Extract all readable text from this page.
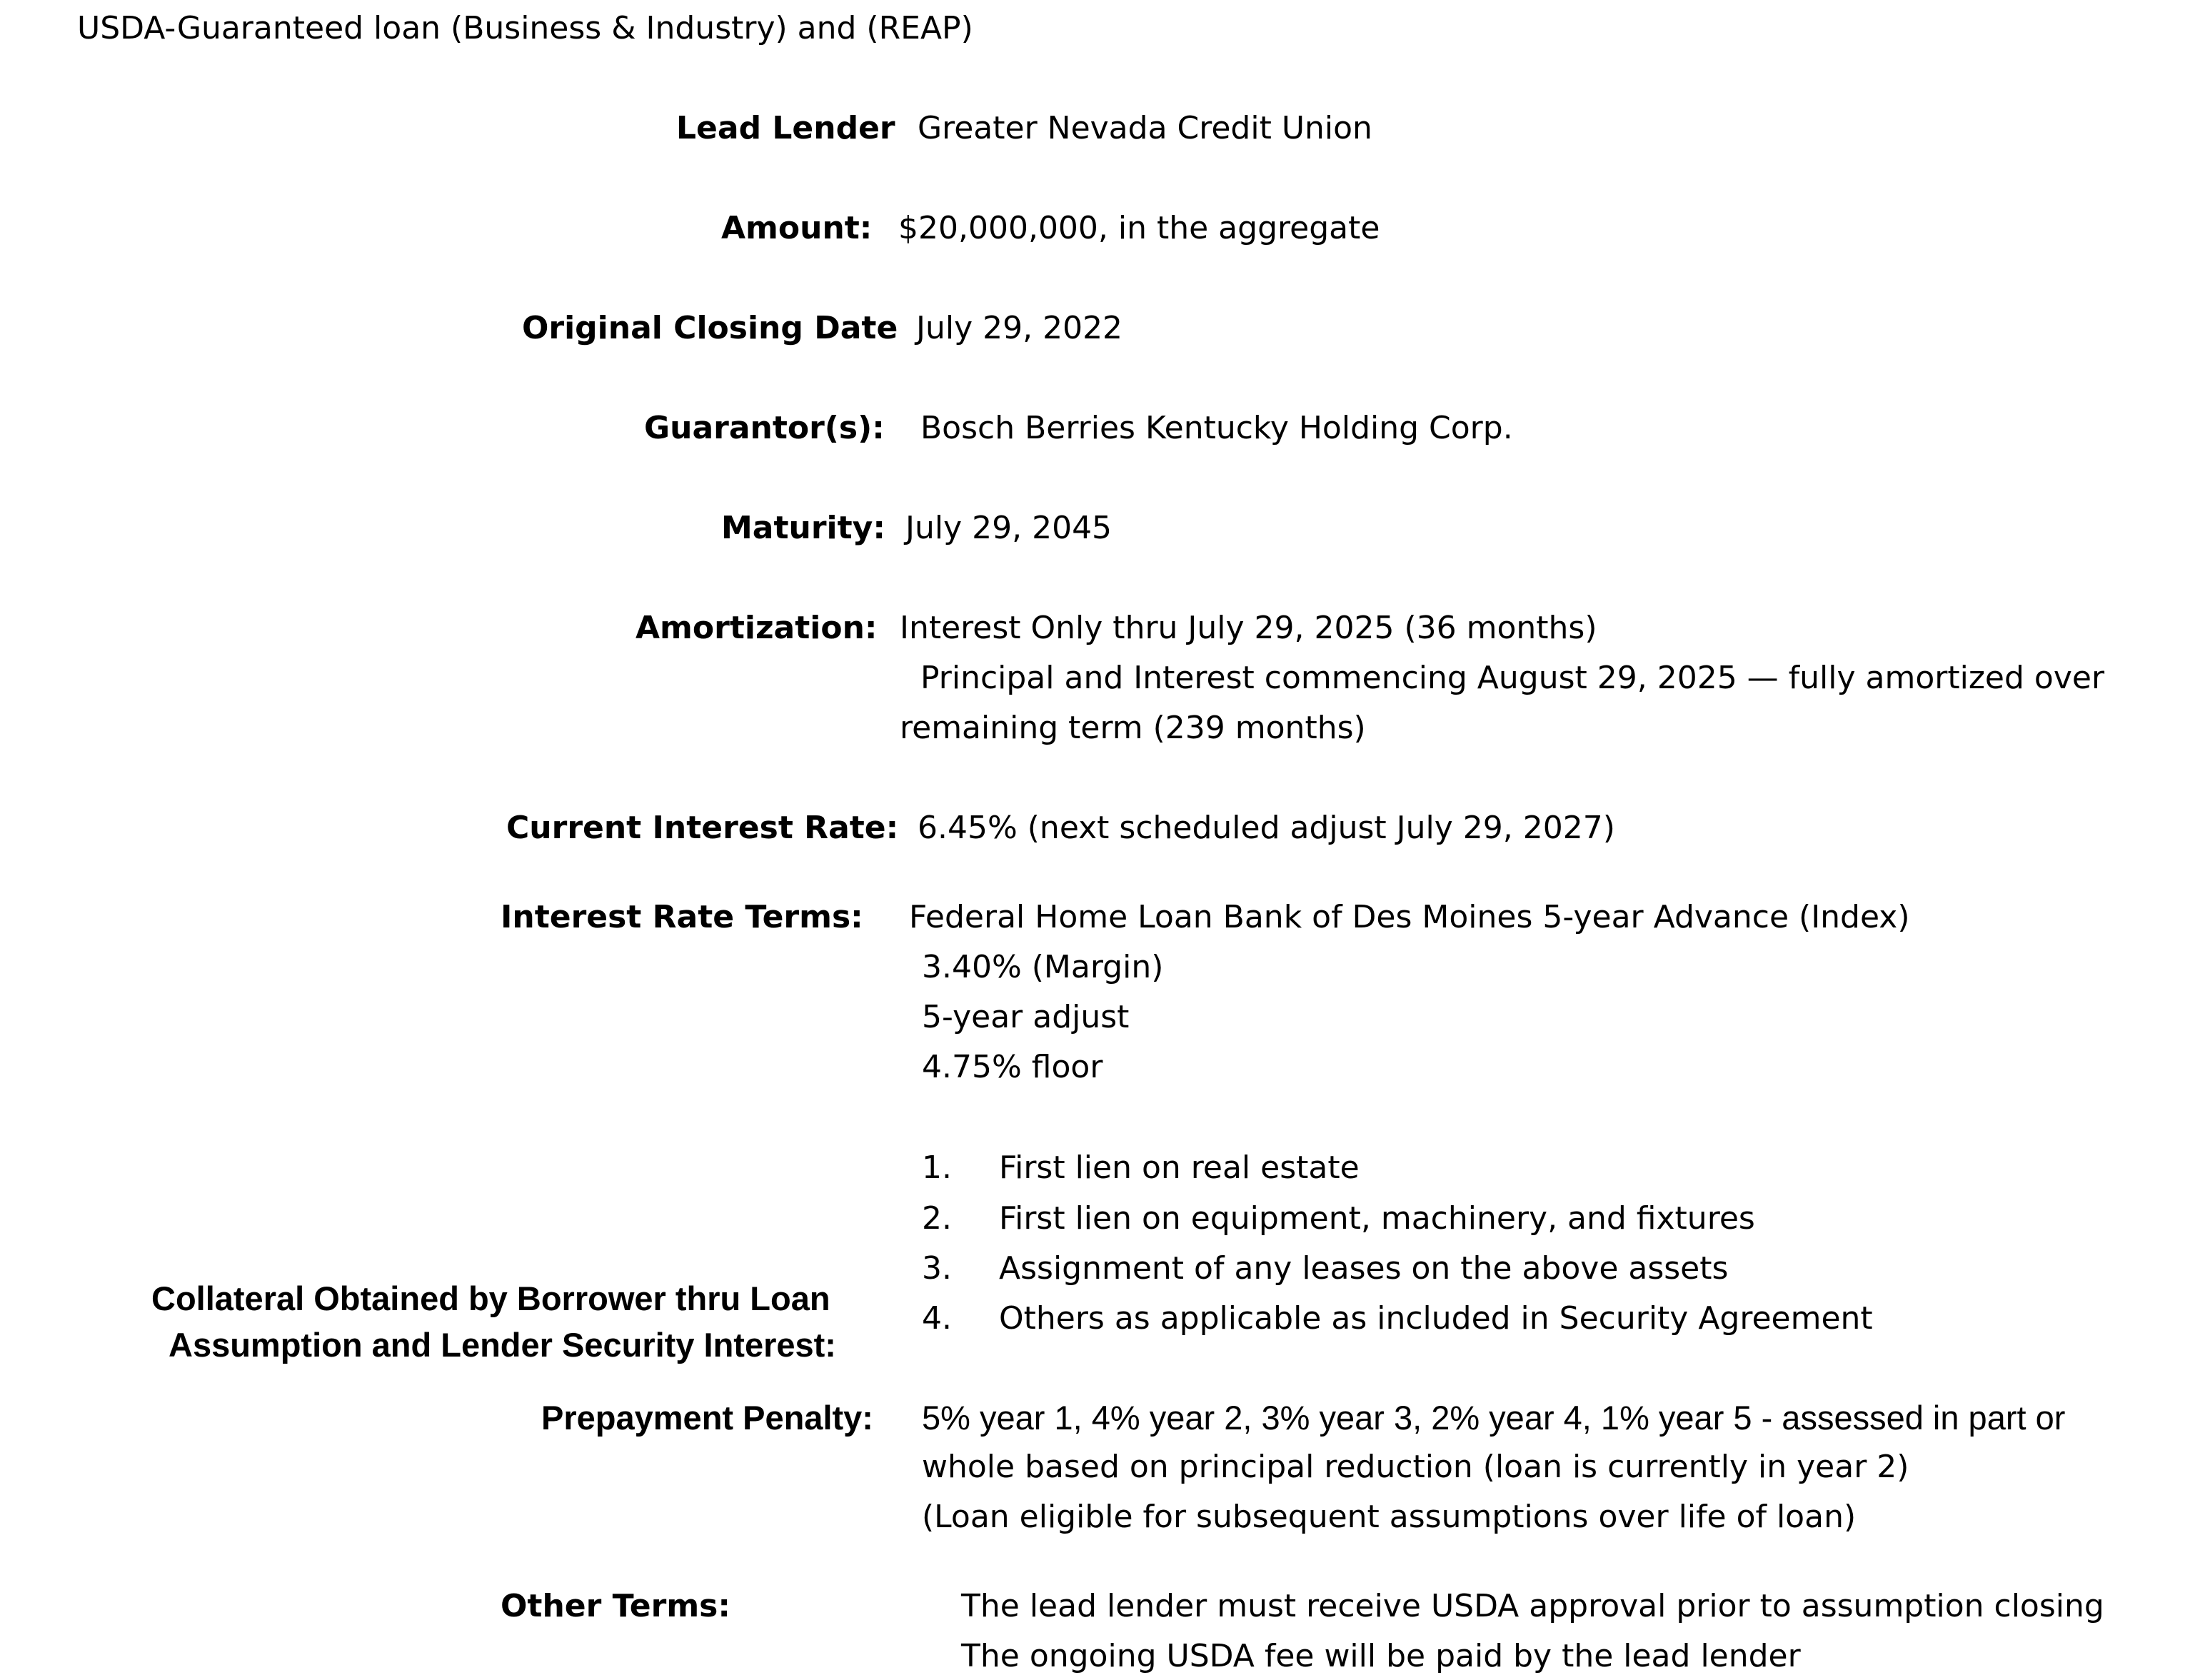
USDA-Guaranteed loan (Business & Industry) and (REAP)
Lead Lender Greater Nevada Credit Union
Amount: $20,000,000, in the aggregate
Original Closing Date July 29, 2022
Guarantor(s): Bosch Berries Kentucky Holding Corp.
Maturity: July 29, 2045
Amortization: Interest Only thru July 29, 2025 (36 months)
Principal and Interest commencing August 29, 2025 — fully amortized over
remaining term (239 months)
Current Interest Rate: 6.45% (next scheduled adjust July 29, 2027)
Interest Rate Terms: Federal Home Loan Bank of Des Moines 5-year Advance (Index)
3.40% (Margin)
5-year adjust
4.75% floor
Collateral Obtained by Borrower thru Loan
Assumption and Lender Security Interest:
1. First lien on real estate
2. First lien on equipment, machinery, and fixtures
3. Assignment of any leases on the above assets
4. Others as applicable as included in Security Agreement
Prepayment Penalty: 5% year 1, 4% year 2, 3% year 3, 2% year 4, 1% year 5 - assessed in part or
whole based on principal reduction (loan is currently in year 2)
(Loan eligible for subsequent assumptions over life of loan)
Other Terms:	The lead lender must receive USDA approval prior to assumption closing
The ongoing USDA fee will be paid by the lead lender
